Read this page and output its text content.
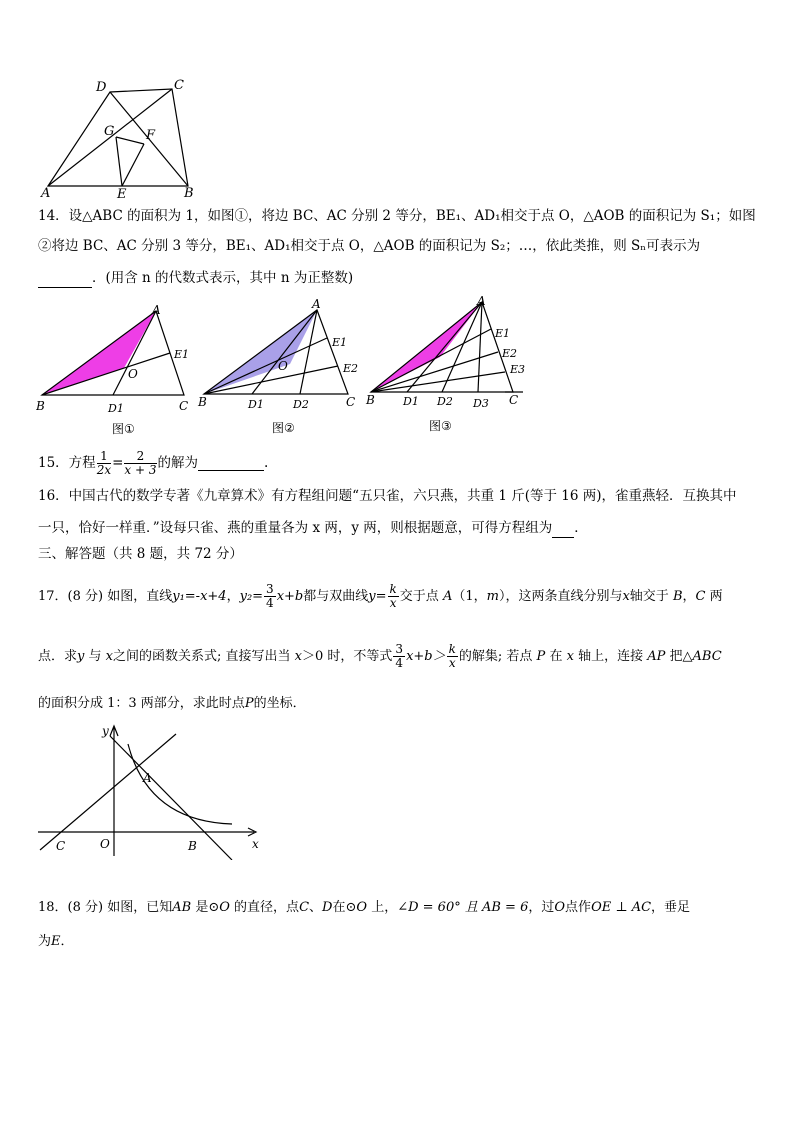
D	C
G F
A	E	B
14．设△ABC 的面积为 1，如图①，将边 BC、AC 分别 2 等分，BE₁、AD₁相交于点 O，△AOB 的面积记为 S₁；如图
②将边 BC、AC 分别 3 等分，BE₁、AD₁相交于点 O，△AOB 的面积记为 S₂；…，依此类推，则 Sₙ可表示为
．(用含 n 的代数式表示，其中 n 为正整数)
A
B	C
O
E1
D1
图①
A
B	C
O
E1
E2
D1	D2
图②
A
B	C
E1
E2
E3
D1 D2 D3
图③
15．方程 $\frac{1}{2x} = \frac{2}{x + 3}$ 的解为	.
16．中国古代的数学专著《九章算术》有方程组问题“五只雀，六只燕，共重 1 斤(等于 16 两)，雀重燕轻．互换其中
一只，恰好一样重．”设每只雀、燕的重量各为 x 两，y 两，则根据题意，可得方程组为 ．
三、解答题（共 8 题，共 72 分）
17．(8 分) 如图，直线y₁=-x+4，$y_2= \frac{3}{4} x+b$都与双曲线$y= \frac{k}{x}$ 交于点 A（1，m），这两条直线分别与x轴交于 B，C 两
点．求y 与 x之间的函数关系式; 直接写出当 x＞0 时，不等式 $\frac{3}{4} x+b> \frac{k}{x}$ 的解集; 若点 P 在 x 轴上，连接 AP 把△ABC
的面积分成 1：3 两部分，求此时点P的坐标．
y
x
A
C	O	B
18．(8 分) 如图，已知AB 是⊙O 的直径，点C、D在⊙O 上，∠D = 60° 且 AB = 6，过O点作OE ⊥ AC，垂足
为E．
